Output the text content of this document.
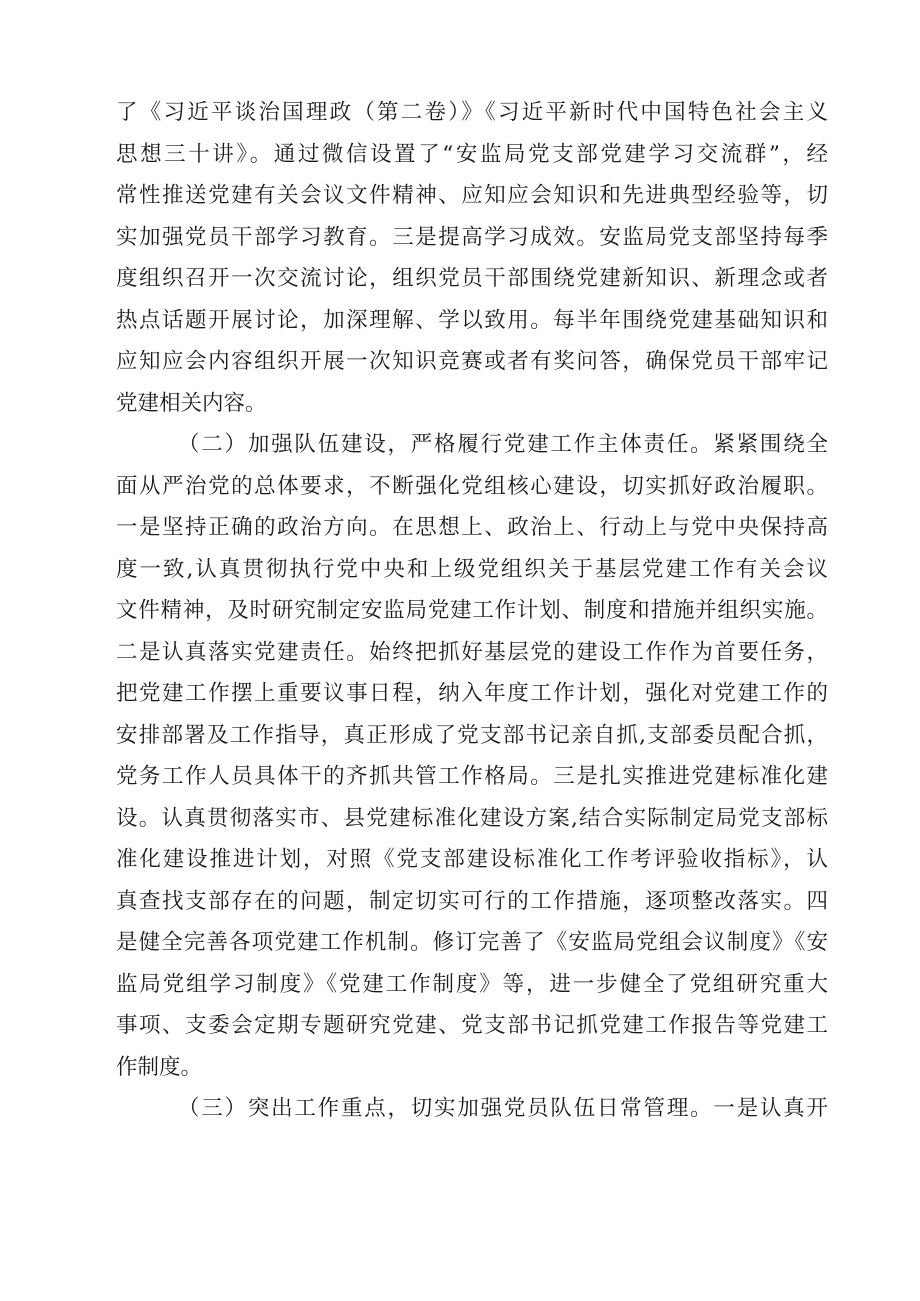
了《习近平谈治国理政（第二卷）》《习近平新时代中国特色社会主义
思想三十讲》。通过微信设置了“安监局党支部党建学习交流群”，经
常性推送党建有关会议文件精神、应知应会知识和先进典型经验等，切
实加强党员干部学习教育。三是提高学习成效。安监局党支部坚持每季
度组织召开一次交流讨论，组织党员干部围绕党建新知识、新理念或者
热点话题开展讨论，加深理解、学以致用。每半年围绕党建基础知识和
应知应会内容组织开展一次知识竞赛或者有奖问答，确保党员干部牢记
党建相关内容。
（二）加强队伍建设，严格履行党建工作主体责任。紧紧围绕全
面从严治党的总体要求，不断强化党组核心建设，切实抓好政治履职。
一是坚持正确的政治方向。在思想上、政治上、行动上与党中央保持高
度一致,认真贯彻执行党中央和上级党组织关于基层党建工作有关会议
文件精神，及时研究制定安监局党建工作计划、制度和措施并组织实施。
二是认真落实党建责任。始终把抓好基层党的建设工作作为首要任务，
把党建工作摆上重要议事日程，纳入年度工作计划，强化对党建工作的
安排部署及工作指导，真正形成了党支部书记亲自抓,支部委员配合抓，
党务工作人员具体干的齐抓共管工作格局。三是扎实推进党建标准化建
设。认真贯彻落实市、县党建标准化建设方案,结合实际制定局党支部标
准化建设推进计划，对照《党支部建设标准化工作考评验收指标》，认
真查找支部存在的问题，制定切实可行的工作措施，逐项整改落实。四
是健全完善各项党建工作机制。修订完善了《安监局党组会议制度》《安
监局党组学习制度》《党建工作制度》等，进一步健全了党组研究重大
事项、支委会定期专题研究党建、党支部书记抓党建工作报告等党建工
作制度。
（三）突出工作重点，切实加强党员队伍日常管理。一是认真开
